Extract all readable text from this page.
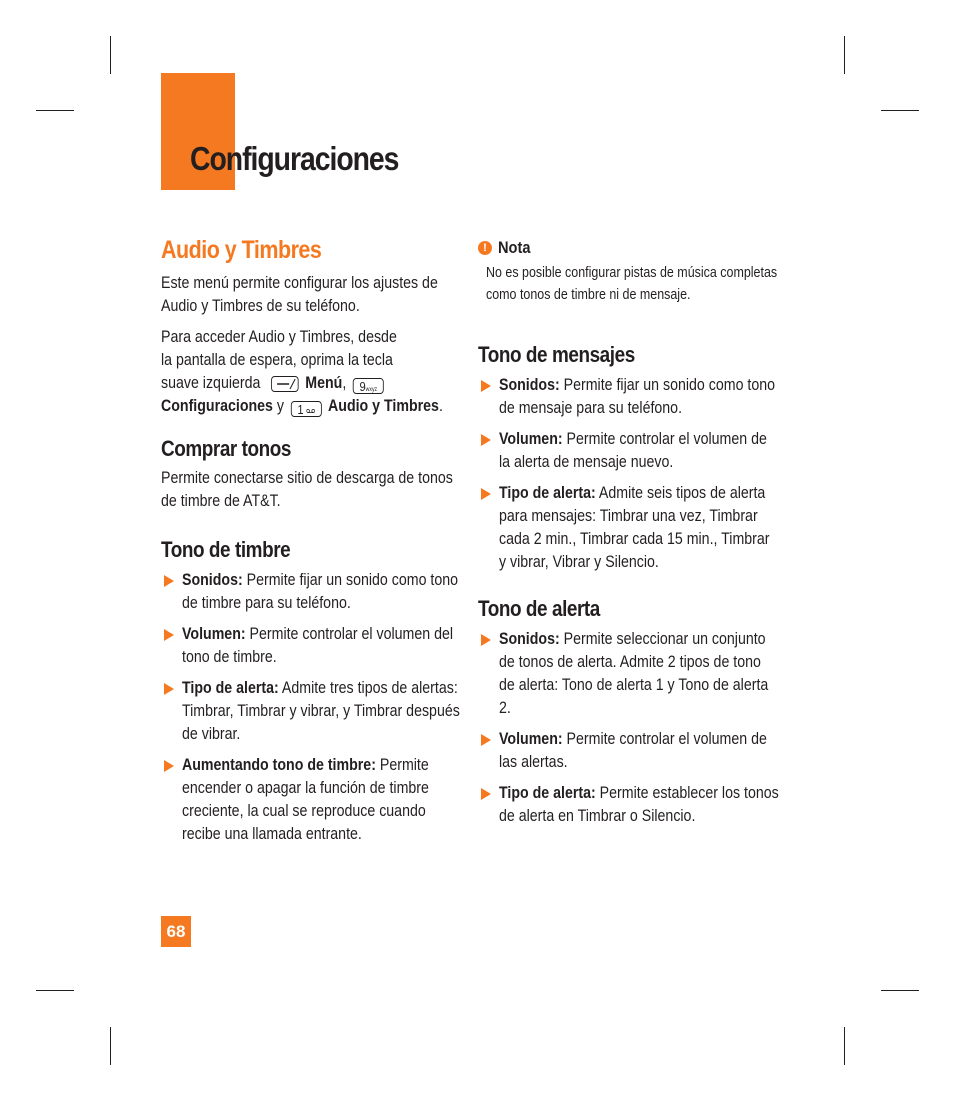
Configuraciones
Audio y Timbres

Este menú permite configurar los ajustes de Audio y Timbres de su teléfono.

Para acceder Audio y Timbres, desde
la pantalla de espera, oprima la tecla
suave izquierda	Menú, 9wxyz
Configuraciones y 1 Audio y Timbres.
Comprar tonos

Permite conectarse sitio de descarga de tonos de timbre de AT&T.

Tono de timbre
Sonidos: Permite fijar un sonido como tono de timbre para su teléfono.
Volumen: Permite controlar el volumen del tono de timbre.
Tipo de alerta: Admite tres tipos de alertas: Timbrar, Timbrar y vibrar, y Timbrar después de vibrar.
Aumentando tono de timbre: Permite encender o apagar la función de timbre creciente, la cual se reproduce cuando recibe una llamada entrante.
! Nota

No es posible configurar pistas de música completas como tonos de timbre ni de mensaje.

Tono de mensajes
Sonidos: Permite fijar un sonido como tono de mensaje para su teléfono.
Volumen: Permite controlar el volumen de la alerta de mensaje nuevo.
Tipo de alerta: Admite seis tipos de alerta para mensajes: Timbrar una vez, Timbrar cada 2 min., Timbrar cada 15 min., Timbrar y vibrar, Vibrar y Silencio.
Tono de alerta
Sonidos: Permite seleccionar un conjunto de tonos de alerta. Admite 2 tipos de tono de alerta: Tono de alerta 1 y Tono de alerta 2.
Volumen: Permite controlar el volumen de las alertas.
Tipo de alerta: Permite establecer los tonos de alerta en Timbrar o Silencio.
68
